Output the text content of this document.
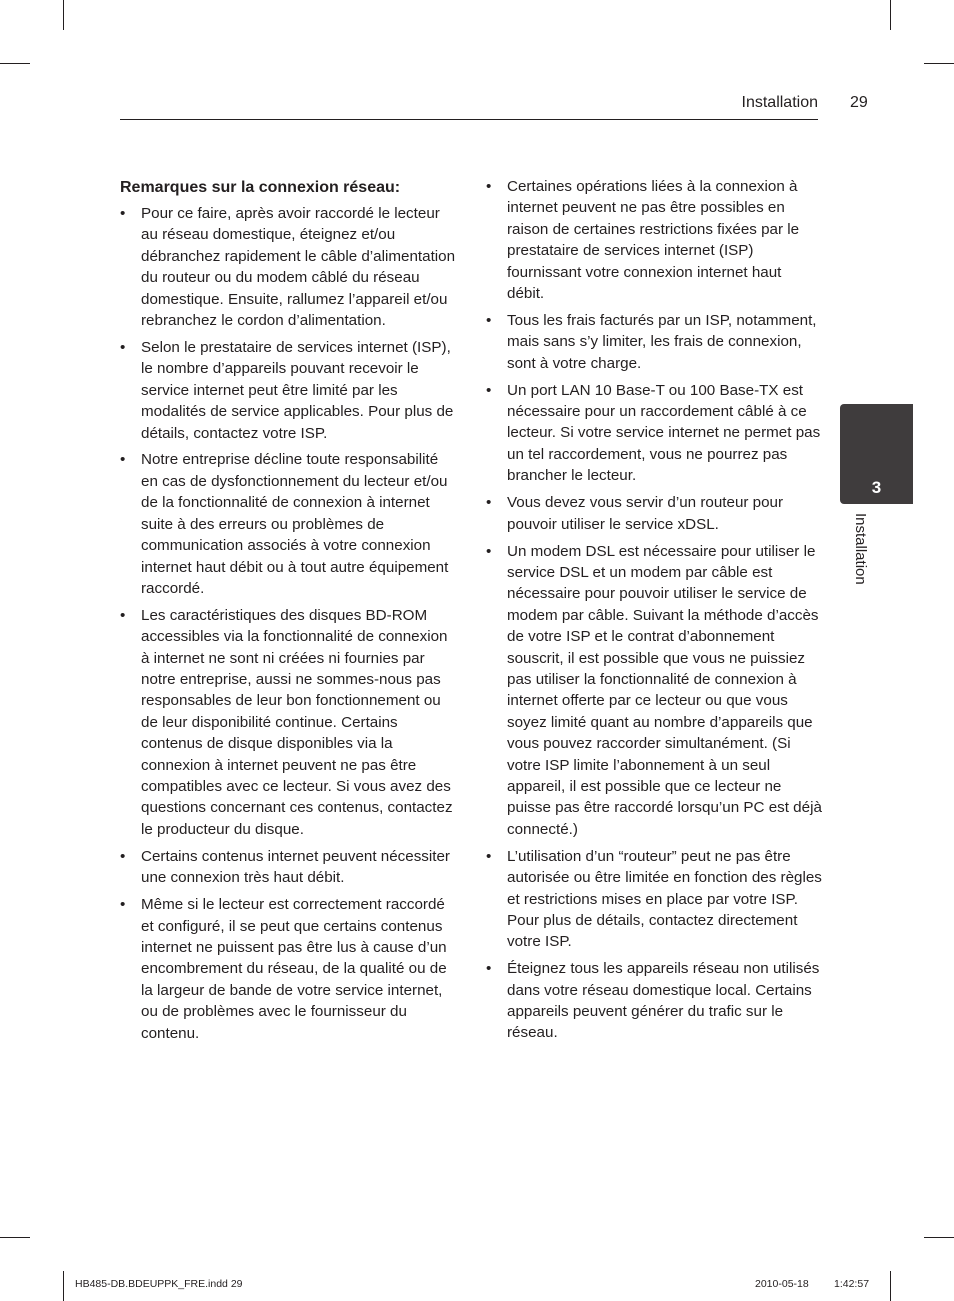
Installation 29
Remarques sur la connexion réseau:
• Pour ce faire, après avoir raccordé le lecteur au réseau domestique, éteignez et/ou débranchez rapidement le câble d’alimentation du routeur ou du modem câblé du réseau domestique. Ensuite, rallumez l’appareil et/ou rebranchez le cordon d’alimentation.
• Selon le prestataire de services internet (ISP), le nombre d’appareils pouvant recevoir le service internet peut être limité par les modalités de service applicables. Pour plus de détails, contactez votre ISP.
• Notre entreprise décline toute responsabilité en cas de dysfonctionnement du lecteur et/ou de la fonctionnalité de connexion à internet suite à des erreurs ou problèmes de communication associés à votre connexion internet haut débit ou à tout autre équipement raccordé.
• Les caractéristiques des disques BD-ROM accessibles via la fonctionnalité de connexion à internet ne sont ni créées ni fournies par notre entreprise, aussi ne sommes-nous pas responsables de leur bon fonctionnement ou de leur disponibilité continue. Certains contenus de disque disponibles via la connexion à internet peuvent ne pas être compatibles avec ce lecteur. Si vous avez des questions concernant ces contenus, contactez le producteur du disque.
• Certains contenus internet peuvent nécessiter une connexion très haut débit.
• Même si le lecteur est correctement raccordé et configuré, il se peut que certains contenus internet ne puissent pas être lus à cause d’un encombrement du réseau, de la qualité ou de la largeur de bande de votre service internet, ou de problèmes avec le fournisseur du contenu.
• Certaines opérations liées à la connexion à internet peuvent ne pas être possibles en raison de certaines restrictions fixées par le prestataire de services internet (ISP) fournissant votre connexion internet haut débit.
• Tous les frais facturés par un ISP, notamment, mais sans s’y limiter, les frais de connexion, sont à votre charge.
• Un port LAN 10 Base-T ou 100 Base-TX est nécessaire pour un raccordement câblé à ce lecteur. Si votre service internet ne permet pas un tel raccordement, vous ne pourrez pas brancher le lecteur.
• Vous devez vous servir d’un routeur pour pouvoir utiliser le service xDSL.
• Un modem DSL est nécessaire pour utiliser le service DSL et un modem par câble est nécessaire pour pouvoir utiliser le service de modem par câble. Suivant la méthode d’accès de votre ISP et le contrat d’abonnement souscrit, il est possible que vous ne puissiez pas utiliser la fonctionnalité de connexion à internet offerte par ce lecteur ou que vous soyez limité quant au nombre d’appareils que vous pouvez raccorder simultanément. (Si votre ISP limite l’abonnement à un seul appareil, il est possible que ce lecteur ne puisse pas être raccordé lorsqu’un PC est déjà connecté.)
• L’utilisation d’un “routeur” peut ne pas être autorisée ou être limitée en fonction des règles et restrictions mises en place par votre ISP. Pour plus de détails, contactez directement votre ISP.
• Éteignez tous les appareils réseau non utilisés dans votre réseau domestique local. Certains appareils peuvent générer du trafic sur le réseau.
3
Installation
HB485-DB.BDEUPPK_FRE.indd 29	2010-05-18 1:42:57
